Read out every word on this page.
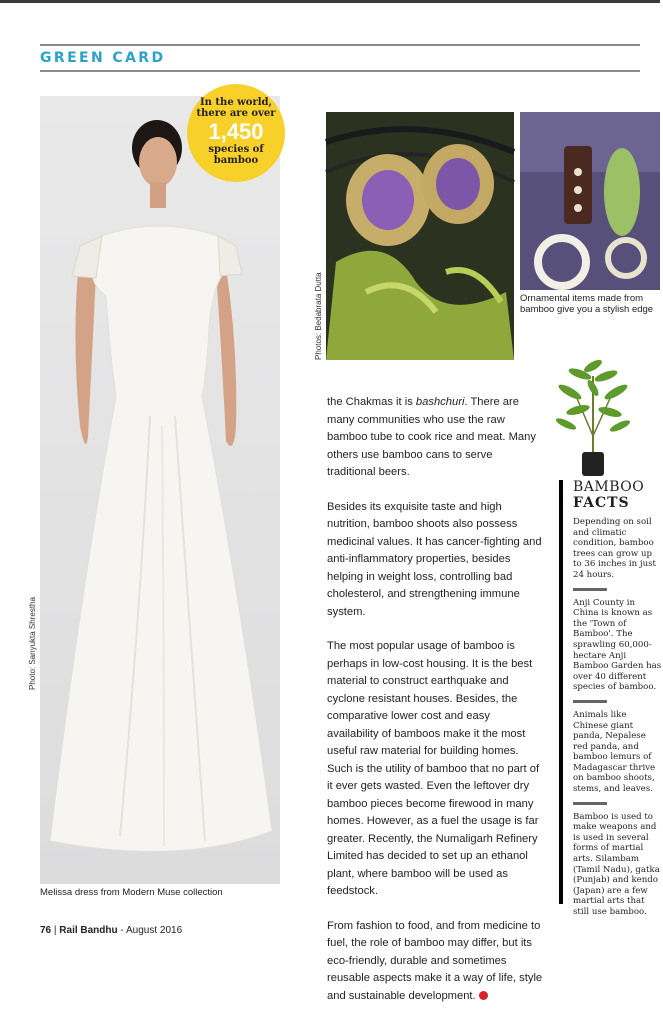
GREEN CARD
In the world, there are over
1,450
species of bamboo
Photo: Sanyukta Shrestha
Melissa dress from Modern Muse collection
Photos: Bedabrata Dutta	Ornamental items made from bamboo give you a stylish edge

the Chakmas it is bashchuri. There are many communities who use the raw bamboo tube to cook rice and meat. Many others use bamboo cans to serve traditional beers.

Besides its exquisite taste and high nutrition, bamboo shoots also possess medicinal values. It has cancer-fighting and anti-inflammatory properties, besides helping in weight loss, controlling bad cholesterol, and strengthening immune system.

The most popular usage of bamboo is perhaps in low-cost housing. It is the best material to construct earthquake and cyclone resistant houses. Besides, the comparative lower cost and easy availability of bamboos make it the most useful raw material for building homes. Such is the utility of bamboo that no part of it ever gets wasted. Even the leftover dry bamboo pieces become firewood in many homes. However, as a fuel the usage is far greater. Recently, the Numaligarh Refinery Limited has decided to set up an ethanol plant, where bamboo will be used as feedstock.

From fashion to food, and from medicine to fuel, the role of bamboo may differ, but its eco-friendly, durable and sometimes reusable aspects make it a way of life, style and sustainable development.

BAMBOO
FACTS
Depending on soil and climatic condition, bamboo trees can grow up to 36 inches in just 24 hours.
Anji County in China is known as the 'Town of Bamboo'. The sprawling 60,000-hectare Anji Bamboo Garden has over 40 different species of bamboo.
Animals like Chinese giant panda, Nepalese red panda, and bamboo lemurs of Madagascar thrive on bamboo shoots, stems, and leaves.
Bamboo is used to make weapons and is used in several forms of martial arts. Silambam (Tamil Nadu), gatka (Punjab) and kendo (Japan) are a few martial arts that still use bamboo.
76 | Rail Bandhu - August 2016
